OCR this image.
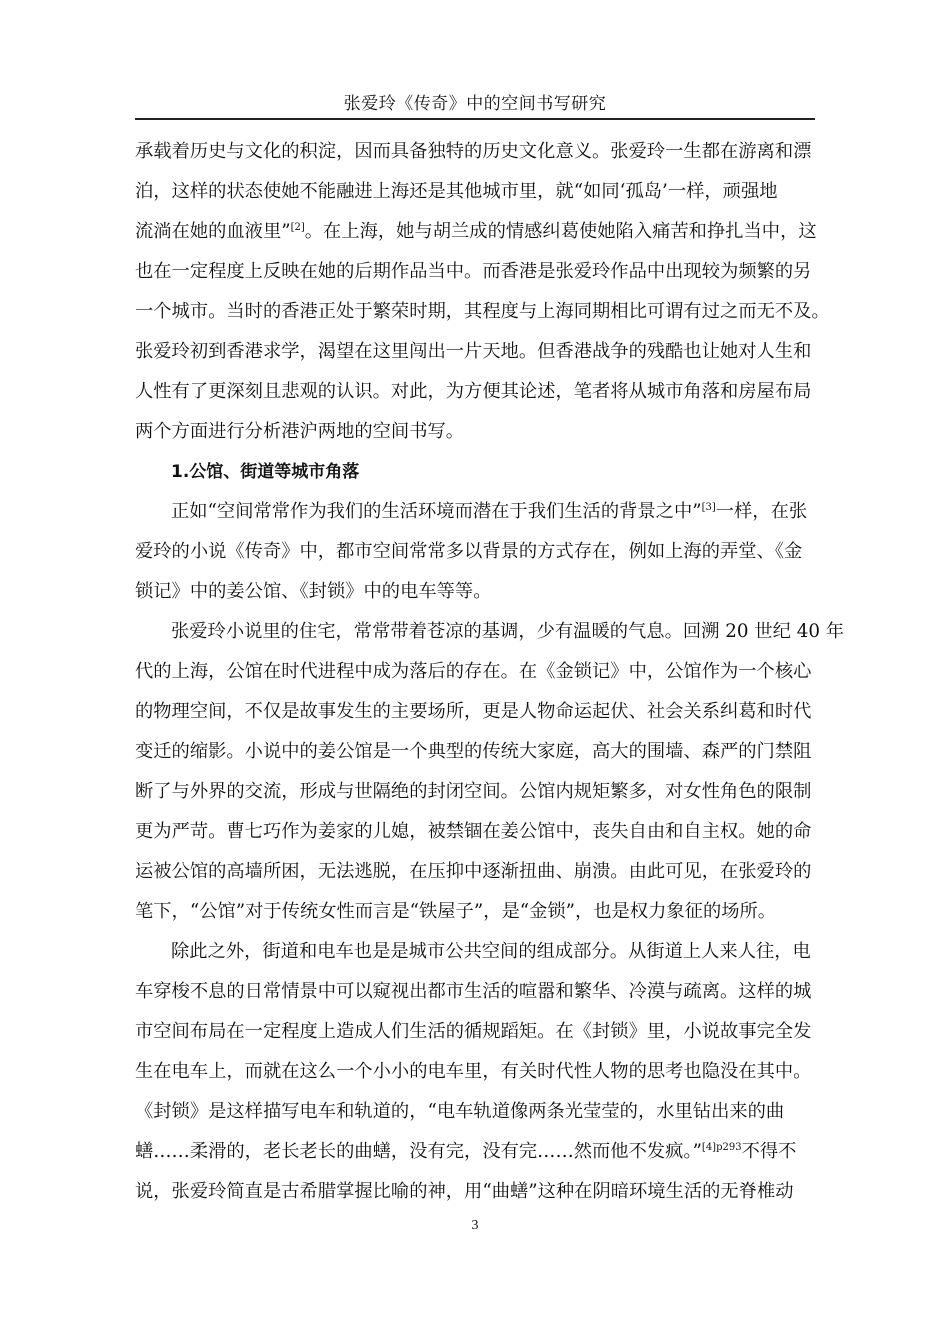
张爱玲《传奇》中的空间书写研究
承载着历史与文化的积淀，因而具备独特的历史文化意义。张爱玲一生都在游离和漂
泊，这样的状态使她不能融进上海还是其他城市里，就“如同‘孤岛’一样，顽强地
流淌在她的血液里”[2]。在上海，她与胡兰成的情感纠葛使她陷入痛苦和挣扎当中，这
也在一定程度上反映在她的后期作品当中。而香港是张爱玲作品中出现较为频繁的另
一个城市。当时的香港正处于繁荣时期，其程度与上海同期相比可谓有过之而无不及。
张爱玲初到香港求学，渴望在这里闯出一片天地。但香港战争的残酷也让她对人生和
人性有了更深刻且悲观的认识。对此，为方便其论述，笔者将从城市角落和房屋布局
两个方面进行分析港沪两地的空间书写。
1.公馆、街道等城市角落
正如“空间常常作为我们的生活环境而潜在于我们生活的背景之中”[3]一样，在张
爱玲的小说《传奇》中，都市空间常常多以背景的方式存在，例如上海的弄堂、《金
锁记》中的姜公馆、《封锁》中的电车等等。
张爱玲小说里的住宅，常常带着苍凉的基调，少有温暖的气息。回溯 20 世纪 40 年
代的上海，公馆在时代进程中成为落后的存在。在《金锁记》中，公馆作为一个核心
的物理空间，不仅是故事发生的主要场所，更是人物命运起伏、社会关系纠葛和时代
变迁的缩影。小说中的姜公馆是一个典型的传统大家庭，高大的围墙、森严的门禁阻
断了与外界的交流，形成与世隔绝的封闭空间。公馆内规矩繁多，对女性角色的限制
更为严苛。曹七巧作为姜家的儿媳，被禁锢在姜公馆中，丧失自由和自主权。她的命
运被公馆的高墙所困，无法逃脱，在压抑中逐渐扭曲、崩溃。由此可见，在张爱玲的
笔下，“公馆”对于传统女性而言是“铁屋子”，是“金锁”，也是权力象征的场所。
除此之外，街道和电车也是是城市公共空间的组成部分。从街道上人来人往，电
车穿梭不息的日常情景中可以窥视出都市生活的喧嚣和繁华、冷漠与疏离。这样的城
市空间布局在一定程度上造成人们生活的循规蹈矩。在《封锁》里，小说故事完全发
生在电车上，而就在这么一个小小的电车里，有关时代性人物的思考也隐没在其中。
《封锁》是这样描写电车和轨道的，“电车轨道像两条光莹莹的，水里钻出来的曲
蟮……柔滑的，老长老长的曲蟮，没有完，没有完……然而他不发疯。”$^{[4]p293}$不得不
说，张爱玲简直是古希腊掌握比喻的神，用“曲蟮”这种在阴暗环境生活的无脊椎动
3
